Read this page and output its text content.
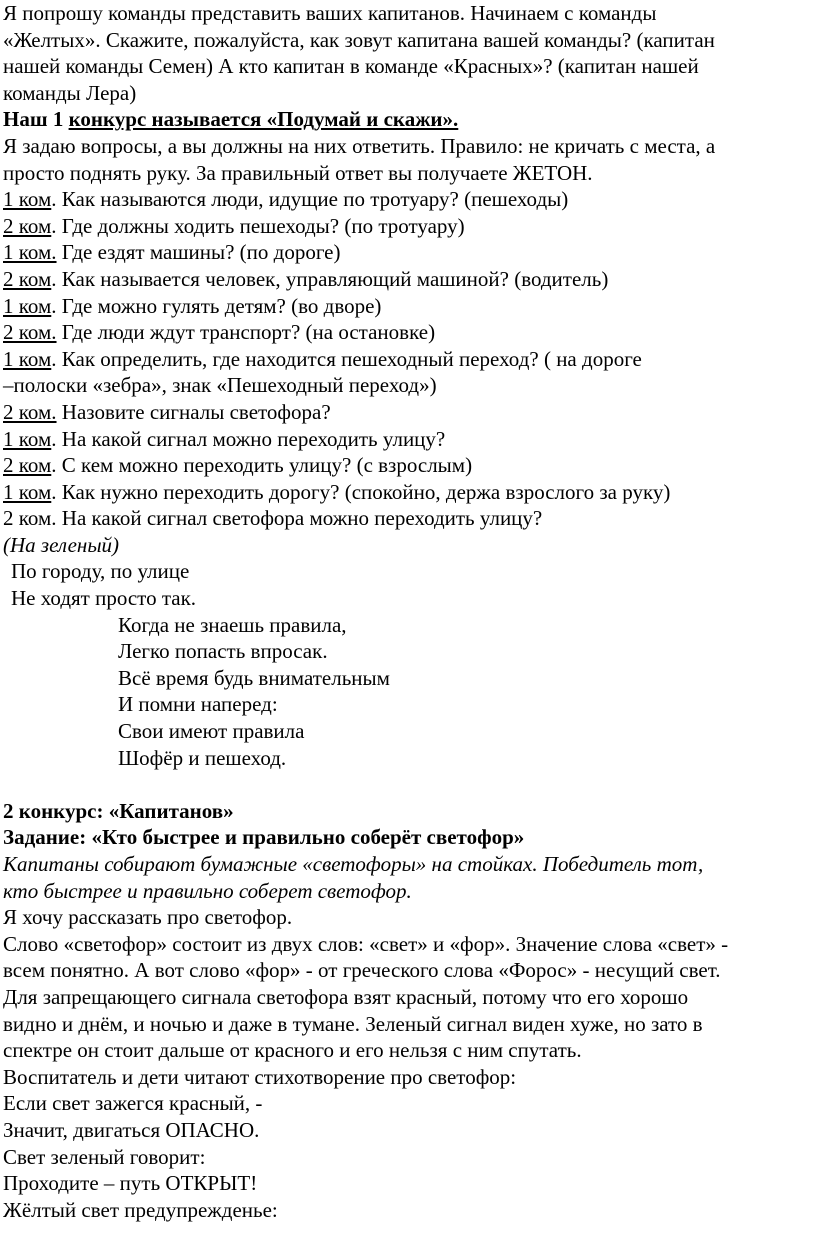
Я попрошу команды представить ваших капитанов. Начинаем с команды
«Желтых». Скажите, пожалуйста, как зовут капитана вашей команды? (капитан
нашей команды Семен) А кто капитан в команде «Красных»? (капитан нашей
команды Лера)
Наш 1 конкурс называется «Подумай и скажи».
Я задаю вопросы, а вы должны на них ответить. Правило: не кричать с места, а
просто поднять руку. За правильный ответ вы получаете ЖЕТОН.
1 ком. Как называются люди, идущие по тротуару? (пешеходы)
2 ком. Где должны ходить пешеходы? (по тротуару)
1 ком. Где ездят машины? (по дороге)
2 ком. Как называется человек, управляющий машиной? (водитель)
1 ком. Где можно гулять детям? (во дворе)
2 ком. Где люди ждут транспорт? (на остановке)
1 ком. Как определить, где находится пешеходный переход? ( на дороге
–полоски «зебра», знак «Пешеходный переход»)
2 ком. Назовите сигналы светофора?
1 ком. На какой сигнал можно переходить улицу?
2 ком. С кем можно переходить улицу? (с взрослым)
1 ком. Как нужно переходить дорогу? (спокойно, держа взрослого за руку)
2 ком. На какой сигнал светофора можно переходить улицу?
(На зеленый)
По городу, по улице
Не ходят просто так.
Когда не знаешь правила,
Легко попасть впросак.
Всё время будь внимательным
И помни наперед:
Свои имеют правила
Шофёр и пешеход.
2 конкурс: «Капитанов»
Задание: «Кто быстрее и правильно соберёт светофор»
Капитаны собирают бумажные «светофоры» на стойках. Победитель тот,
кто быстрее и правильно соберет светофор.
Я хочу рассказать про светофор.
Слово «светофор» состоит из двух слов: «свет» и «фор». Значение слова «свет» -
всем понятно. А вот слово «фор» - от греческого слова «Форос» - несущий свет.
Для запрещающего сигнала светофора взят красный, потому что его хорошо
видно и днём, и ночью и даже в тумане. Зеленый сигнал виден хуже, но зато в
спектре он стоит дальше от красного и его нельзя с ним спутать.
Воспитатель и дети читают стихотворение про светофор:
Если свет зажегся красный, -
Значит, двигаться ОПАСНО.
Свет зеленый говорит:
Проходите – путь ОТКРЫТ!
Жёлтый свет предупрежденье:
